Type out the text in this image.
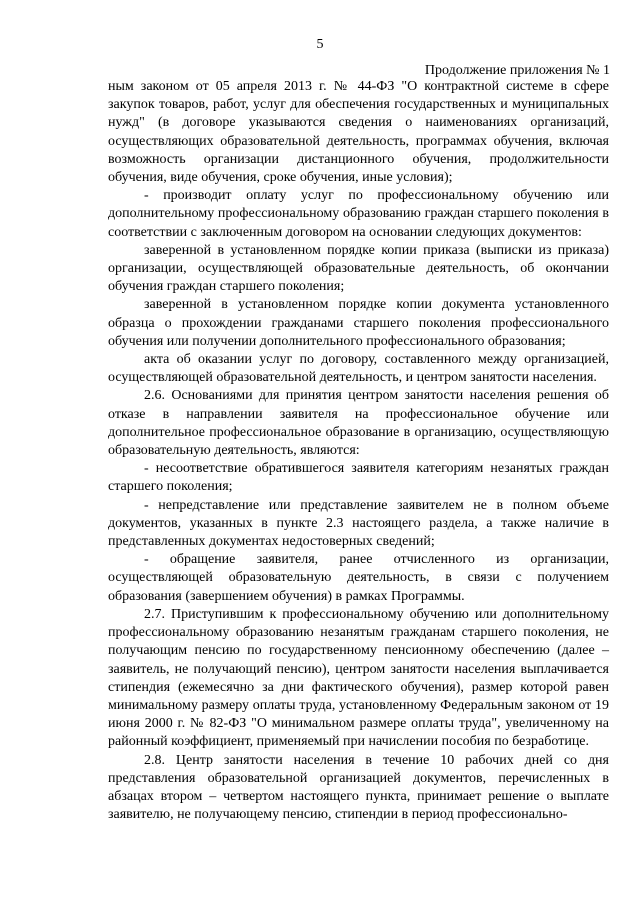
5
Продолжение приложения № 1

ным законом от 05 апреля 2013 г. № 44-ФЗ "О контрактной системе в сфере закупок товаров, работ, услуг для обеспечения государственных и муниципальных нужд" (в договоре указываются сведения о наименованиях организаций, осуществляющих образовательной деятельность, программах обучения, включая возможность организации дистанционного обучения, продолжительности обучения, виде обучения, сроке обучения, иные условия);

- производит оплату услуг по профессиональному обучению или дополнительному профессиональному образованию граждан старшего поколения в соответствии с заключенным договором на основании следующих документов:

заверенной в установленном порядке копии приказа (выписки из приказа) организации, осуществляющей образовательные деятельность, об окончании обучения граждан старшего поколения;

заверенной в установленном порядке копии документа установленного образца о прохождении гражданами старшего поколения профессионального обучения или получении дополнительного профессионального образования;

акта об оказании услуг по договору, составленного между организацией, осуществляющей образовательной деятельность, и центром занятости населения.

2.6. Основаниями для принятия центром занятости населения решения об отказе в направлении заявителя на профессиональное обучение или дополнительное профессиональное образование в организацию, осуществляющую образовательную деятельность, являются:

- несоответствие обратившегося заявителя категориям незанятых граждан старшего поколения;

- непредставление или представление заявителем не в полном объеме документов, указанных в пункте 2.3 настоящего раздела, а также наличие в представленных документах недостоверных сведений;

- обращение заявителя, ранее отчисленного из организации, осуществляющей образовательную деятельность, в связи с получением образования (завершением обучения) в рамках Программы.

2.7. Приступившим к профессиональному обучению или дополнительному профессиональному образованию незанятым гражданам старшего поколения, не получающим пенсию по государственному пенсионному обеспечению (далее – заявитель, не получающий пенсию), центром занятости населения выплачивается стипендия (ежемесячно за дни фактического обучения), размер которой равен минимальному размеру оплаты труда, установленному Федеральным законом от 19 июня 2000 г. № 82-ФЗ "О минимальном размере оплаты труда", увеличенному на районный коэффициент, применяемый при начислении пособия по безработице.

2.8. Центр занятости населения в течение 10 рабочих дней со дня представления образовательной организацией документов, перечисленных в абзацах втором – четвертом настоящего пункта, принимает решение о выплате заявителю, не получающему пенсию, стипендии в период профессионально-
